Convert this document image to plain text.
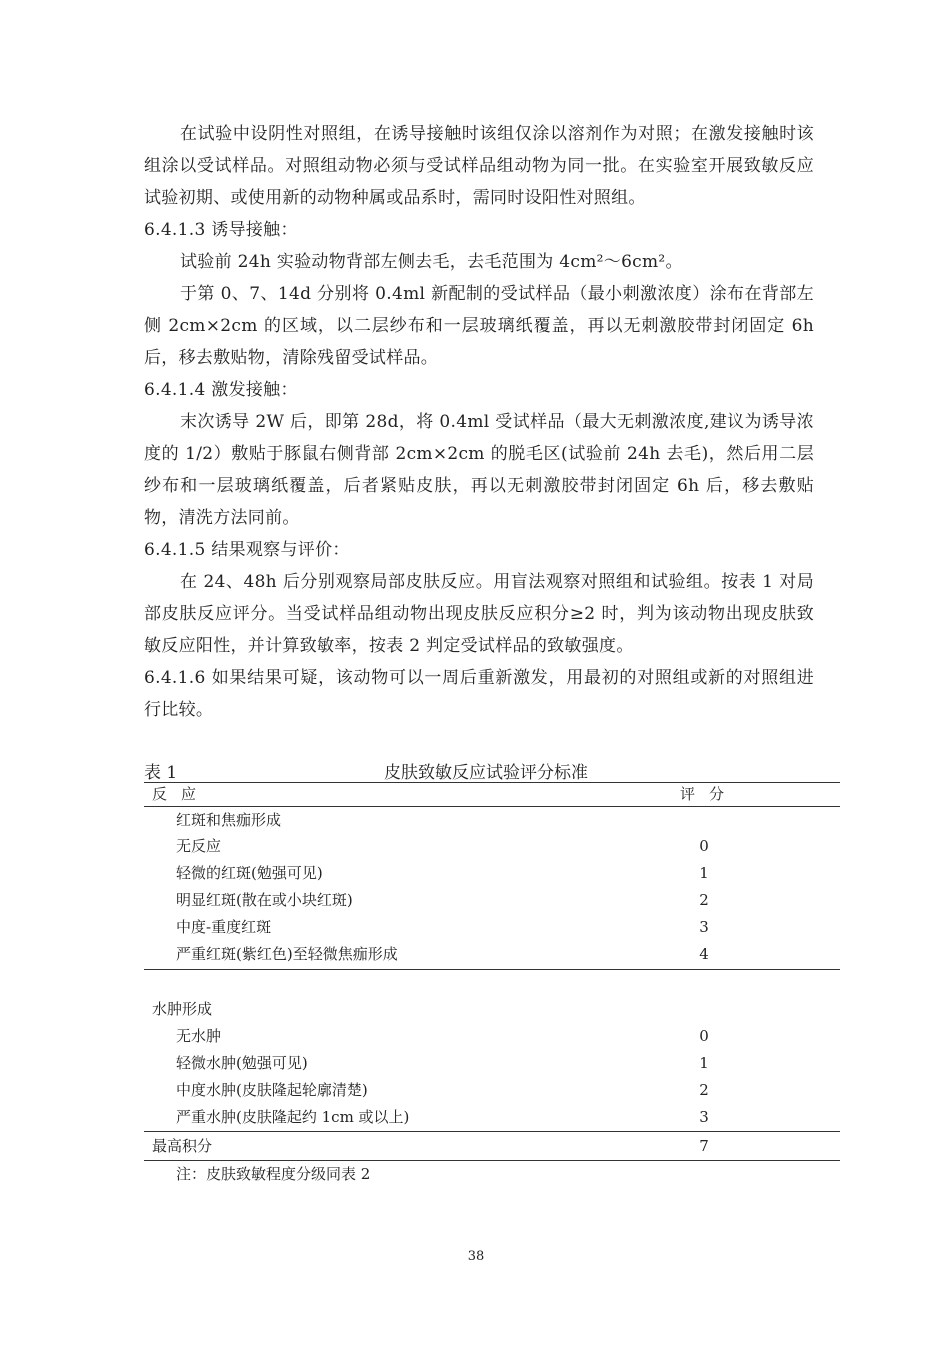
在试验中设阴性对照组，在诱导接触时该组仅涂以溶剂作为对照；在激发接触时该组涂以受试样品。对照组动物必须与受试样品组动物为同一批。在实验室开展致敏反应试验初期、或使用新的动物种属或品系时，需同时设阳性对照组。

6.4.1.3 诱导接触：

试验前 24h 实验动物背部左侧去毛，去毛范围为 4cm²～6cm²。

于第 0、7、14d 分别将 0.4ml 新配制的受试样品（最小刺激浓度）涂布在背部左侧 2cm×2cm 的区域，以二层纱布和一层玻璃纸覆盖，再以无刺激胶带封闭固定 6h 后，移去敷贴物，清除残留受试样品。

6.4.1.4 激发接触：

末次诱导 2W 后，即第 28d，将 0.4ml 受试样品（最大无刺激浓度,建议为诱导浓度的 1/2）敷贴于豚鼠右侧背部 2cm×2cm 的脱毛区(试验前 24h 去毛)，然后用二层纱布和一层玻璃纸覆盖，后者紧贴皮肤，再以无刺激胶带封闭固定 6h 后，移去敷贴物，清洗方法同前。

6.4.1.5 结果观察与评价：

在 24、48h 后分别观察局部皮肤反应。用盲法观察对照组和试验组。按表 1 对局部皮肤反应评分。当受试样品组动物出现皮肤反应积分≥2 时，判为该动物出现皮肤致敏反应阳性，并计算致敏率，按表 2 判定受试样品的致敏强度。

6.4.1.6 如果结果可疑，该动物可以一周后重新激发，用最初的对照组或新的对照组进行比较。

表 1	皮肤致敏反应试验评分标准
反应	评分
红斑和焦痂形成
无反应	0
轻微的红斑(勉强可见)	1
明显红斑(散在或小块红斑)	2
中度-重度红斑	3
严重红斑(紫红色)至轻微焦痂形成	4
水肿形成
无水肿	0
轻微水肿(勉强可见)	1
中度水肿(皮肤隆起轮廓清楚)	2
严重水肿(皮肤隆起约 1cm 或以上)	3
最高积分	7
注：皮肤致敏程度分级同表 2
38
